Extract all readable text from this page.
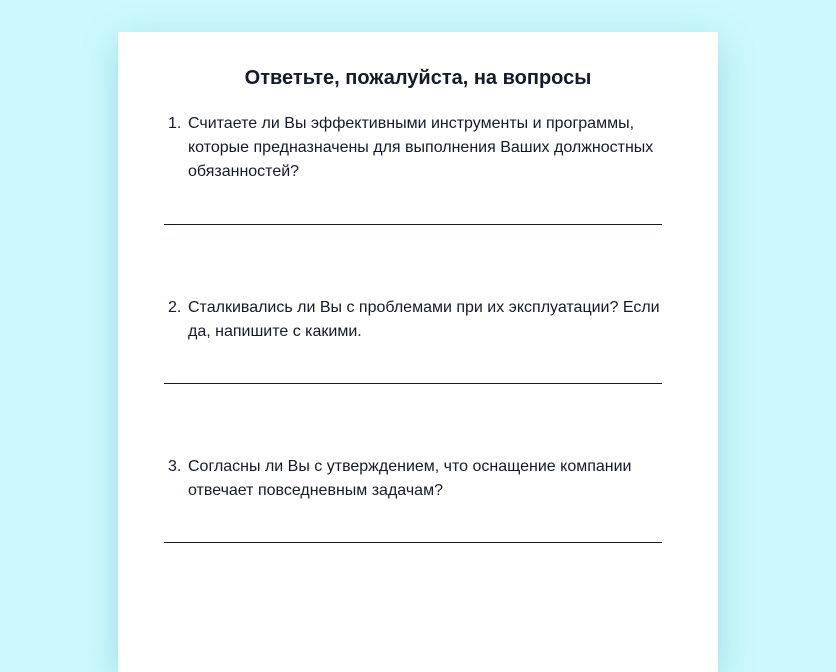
Ответьте, пожалуйста, на вопросы
1. Считаете ли Вы эффективными инструменты и программы, которые предназначены для выполнения Ваших должностных обязанностей?
2. Сталкивались ли Вы с проблемами при их эксплуатации? Если да, напишите с какими.
3. Согласны ли Вы с утверждением, что оснащение компании отвечает повседневным задачам?
